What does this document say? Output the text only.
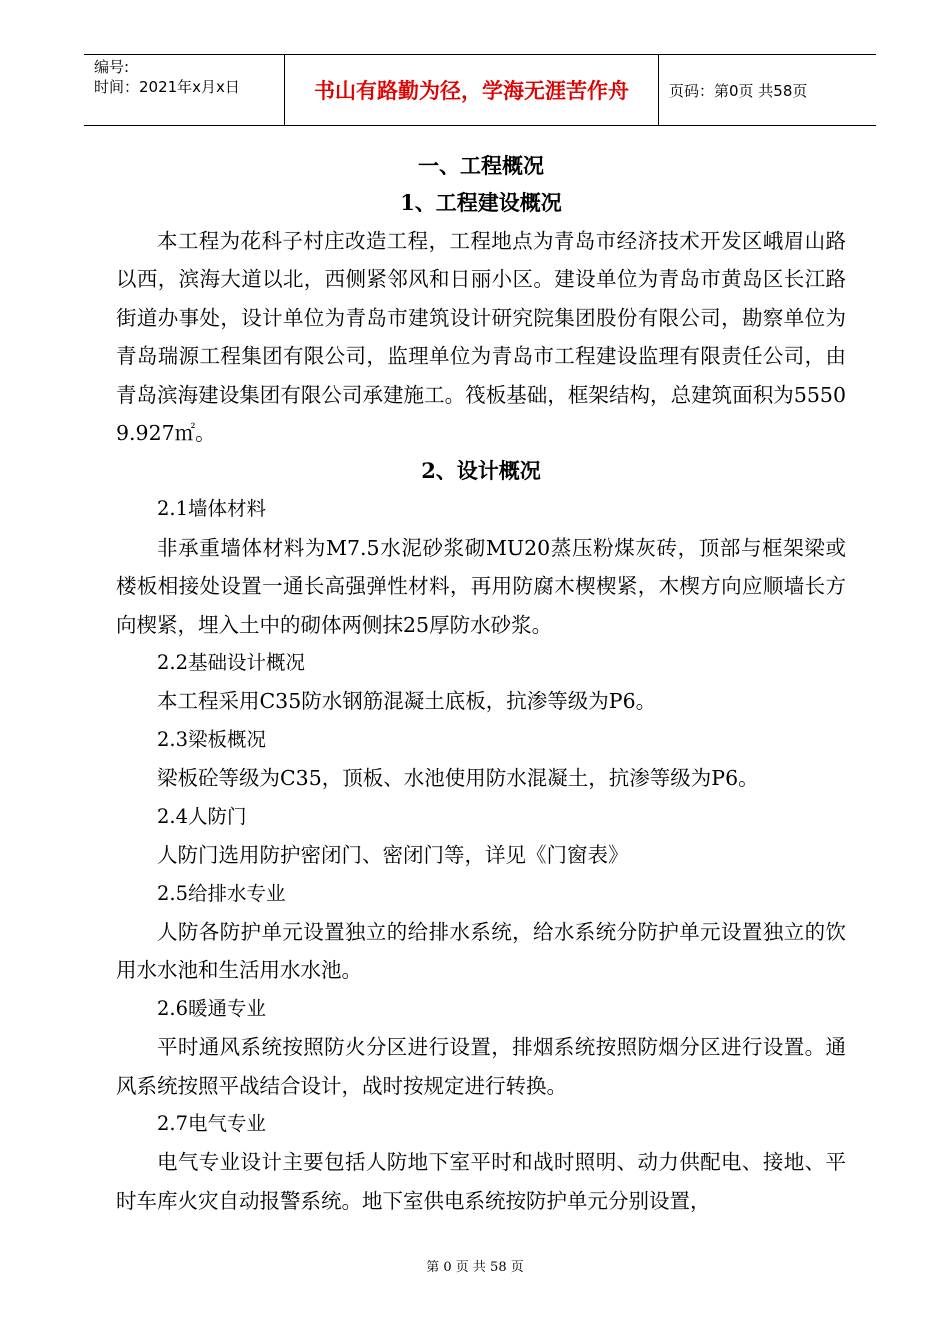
编号:
时间：2021年x月x日	书山有路勤为径，学海无涯苦作舟	页码：第0页 共58页
一、工程概况
1、工程建设概况

本工程为花科子村庄改造工程，工程地点为青岛市经济技术开发区峨眉山路以西，滨海大道以北，西侧紧邻风和日丽小区。建设单位为青岛市黄岛区长江路街道办事处，设计单位为青岛市建筑设计研究院集团股份有限公司，勘察单位为青岛瑞源工程集团有限公司，监理单位为青岛市工程建设监理有限责任公司，由青岛滨海建设集团有限公司承建施工。筏板基础，框架结构，总建筑面积为55509.927㎡。

2、设计概况

2.1墙体材料

非承重墙体材料为M7.5水泥砂浆砌MU20蒸压粉煤灰砖，顶部与框架梁或楼板相接处设置一通长高强弹性材料，再用防腐木楔楔紧，木楔方向应顺墙长方向楔紧，埋入土中的砌体两侧抹25厚防水砂浆。

2.2基础设计概况

本工程采用C35防水钢筋混凝土底板，抗渗等级为P6。

2.3梁板概况

梁板砼等级为C35，顶板、水池使用防水混凝土，抗渗等级为P6。

2.4人防门

人防门选用防护密闭门、密闭门等，详见《门窗表》

2.5给排水专业

人防各防护单元设置独立的给排水系统，给水系统分防护单元设置独立的饮用水水池和生活用水水池。

2.6暖通专业

平时通风系统按照防火分区进行设置，排烟系统按照防烟分区进行设置。通风系统按照平战结合设计，战时按规定进行转换。

2.7电气专业

电气专业设计主要包括人防地下室平时和战时照明、动力供配电、接地、平时车库火灾自动报警系统。地下室供电系统按防护单元分别设置，

第 0 页 共 58 页
